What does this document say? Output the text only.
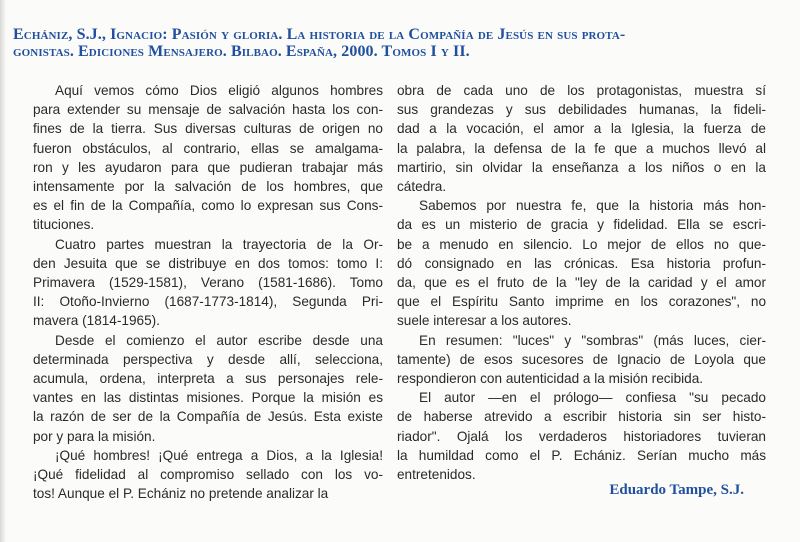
Echániz, S.J., Ignacio: Pasión y gloria. La historia de la Compañía de Jesús en sus prota-
gonistas. Ediciones Mensajero. Bilbao. España, 2000. Tomos I y II.
Aquí vemos cómo Dios eligió algunos hombres
para extender su mensaje de salvación hasta los con-
fines de la tierra. Sus diversas culturas de origen no
fueron obstáculos, al contrario, ellas se amalgama-
ron y les ayudaron para que pudieran trabajar más
intensamente por la salvación de los hombres, que
es el fin de la Compañía, como lo expresan sus Cons-
tituciones.
Cuatro partes muestran la trayectoria de la Or-
den Jesuita que se distribuye en dos tomos: tomo I:
Primavera (1529-1581), Verano (1581-1686). Tomo
II: Otoño-Invierno (1687-1773-1814), Segunda Pri-
mavera (1814-1965).
Desde el comienzo el autor escribe desde una
determinada perspectiva y desde allí, selecciona,
acumula, ordena, interpreta a sus personajes rele-
vantes en las distintas misiones. Porque la misión es
la razón de ser de la Compañía de Jesús. Esta existe
por y para la misión.
¡Qué hombres! ¡Qué entrega a Dios, a la Iglesia!
¡Qué fidelidad al compromiso sellado con los vo-
tos! Aunque el P. Echániz no pretende analizar la
obra de cada uno de los protagonistas, muestra sí
sus grandezas y sus debilidades humanas, la fideli-
dad a la vocación, el amor a la Iglesia, la fuerza de
la palabra, la defensa de la fe que a muchos llevó al
martirio, sin olvidar la enseñanza a los niños o en la
cátedra.
Sabemos por nuestra fe, que la historia más hon-
da es un misterio de gracia y fidelidad. Ella se escri-
be a menudo en silencio. Lo mejor de ellos no que-
dó consignado en las crónicas. Esa historia profun-
da, que es el fruto de la "ley de la caridad y el amor
que el Espíritu Santo imprime en los corazones", no
suele interesar a los autores.
En resumen: "luces" y "sombras" (más luces, cier-
tamente) de esos sucesores de Ignacio de Loyola que
respondieron con autenticidad a la misión recibida.
El autor —en el prólogo— confiesa "su pecado
de haberse atrevido a escribir historia sin ser histo-
riador". Ojalá los verdaderos historiadores tuvieran
la humildad como el P. Echániz. Serían mucho más
entretenidos.
Eduardo Tampe, S.J.
